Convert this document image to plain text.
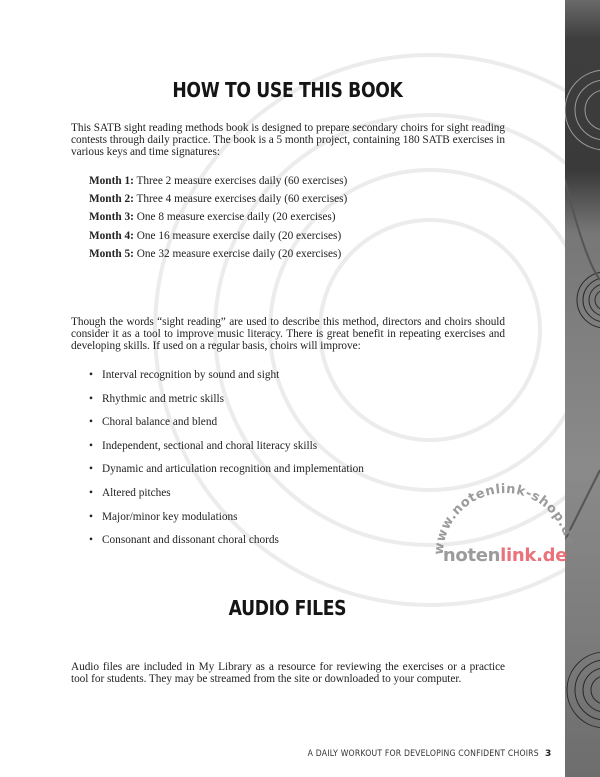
HOW TO USE THIS BOOK
This SATB sight reading methods book is designed to prepare secondary choirs for sight reading contests through daily practice. The book is a 5 month project, containing 180 SATB exercises in various keys and time signatures:
Month 1: Three 2 measure exercises daily (60 exercises)
Month 2: Three 4 measure exercises daily (60 exercises)
Month 3: One 8 measure exercise daily (20 exercises)
Month 4: One 16 measure exercise daily (20 exercises)
Month 5: One 32 measure exercise daily (20 exercises)
Though the words “sight reading” are used to describe this method, directors and choirs should consider it as a tool to improve music literacy. There is great benefit in repeating exercises and developing skills. If used on a regular basis, choirs will improve:
• Interval recognition by sound and sight
• Rhythmic and metric skills
• Choral balance and blend
• Independent, sectional and choral literacy skills
• Dynamic and articulation recognition and implementation
• Altered pitches
• Major/minor key modulations
• Consonant and dissonant choral chords
AUDIO FILES
Audio files are included in My Library as a resource for reviewing the exercises or a practice tool for students. They may be streamed from the site or downloaded to your computer.
www.notenlink-shop.de
notenlink.de
A DAILY WORKOUT FOR DEVELOPING CONFIDENT CHOIRS 3
